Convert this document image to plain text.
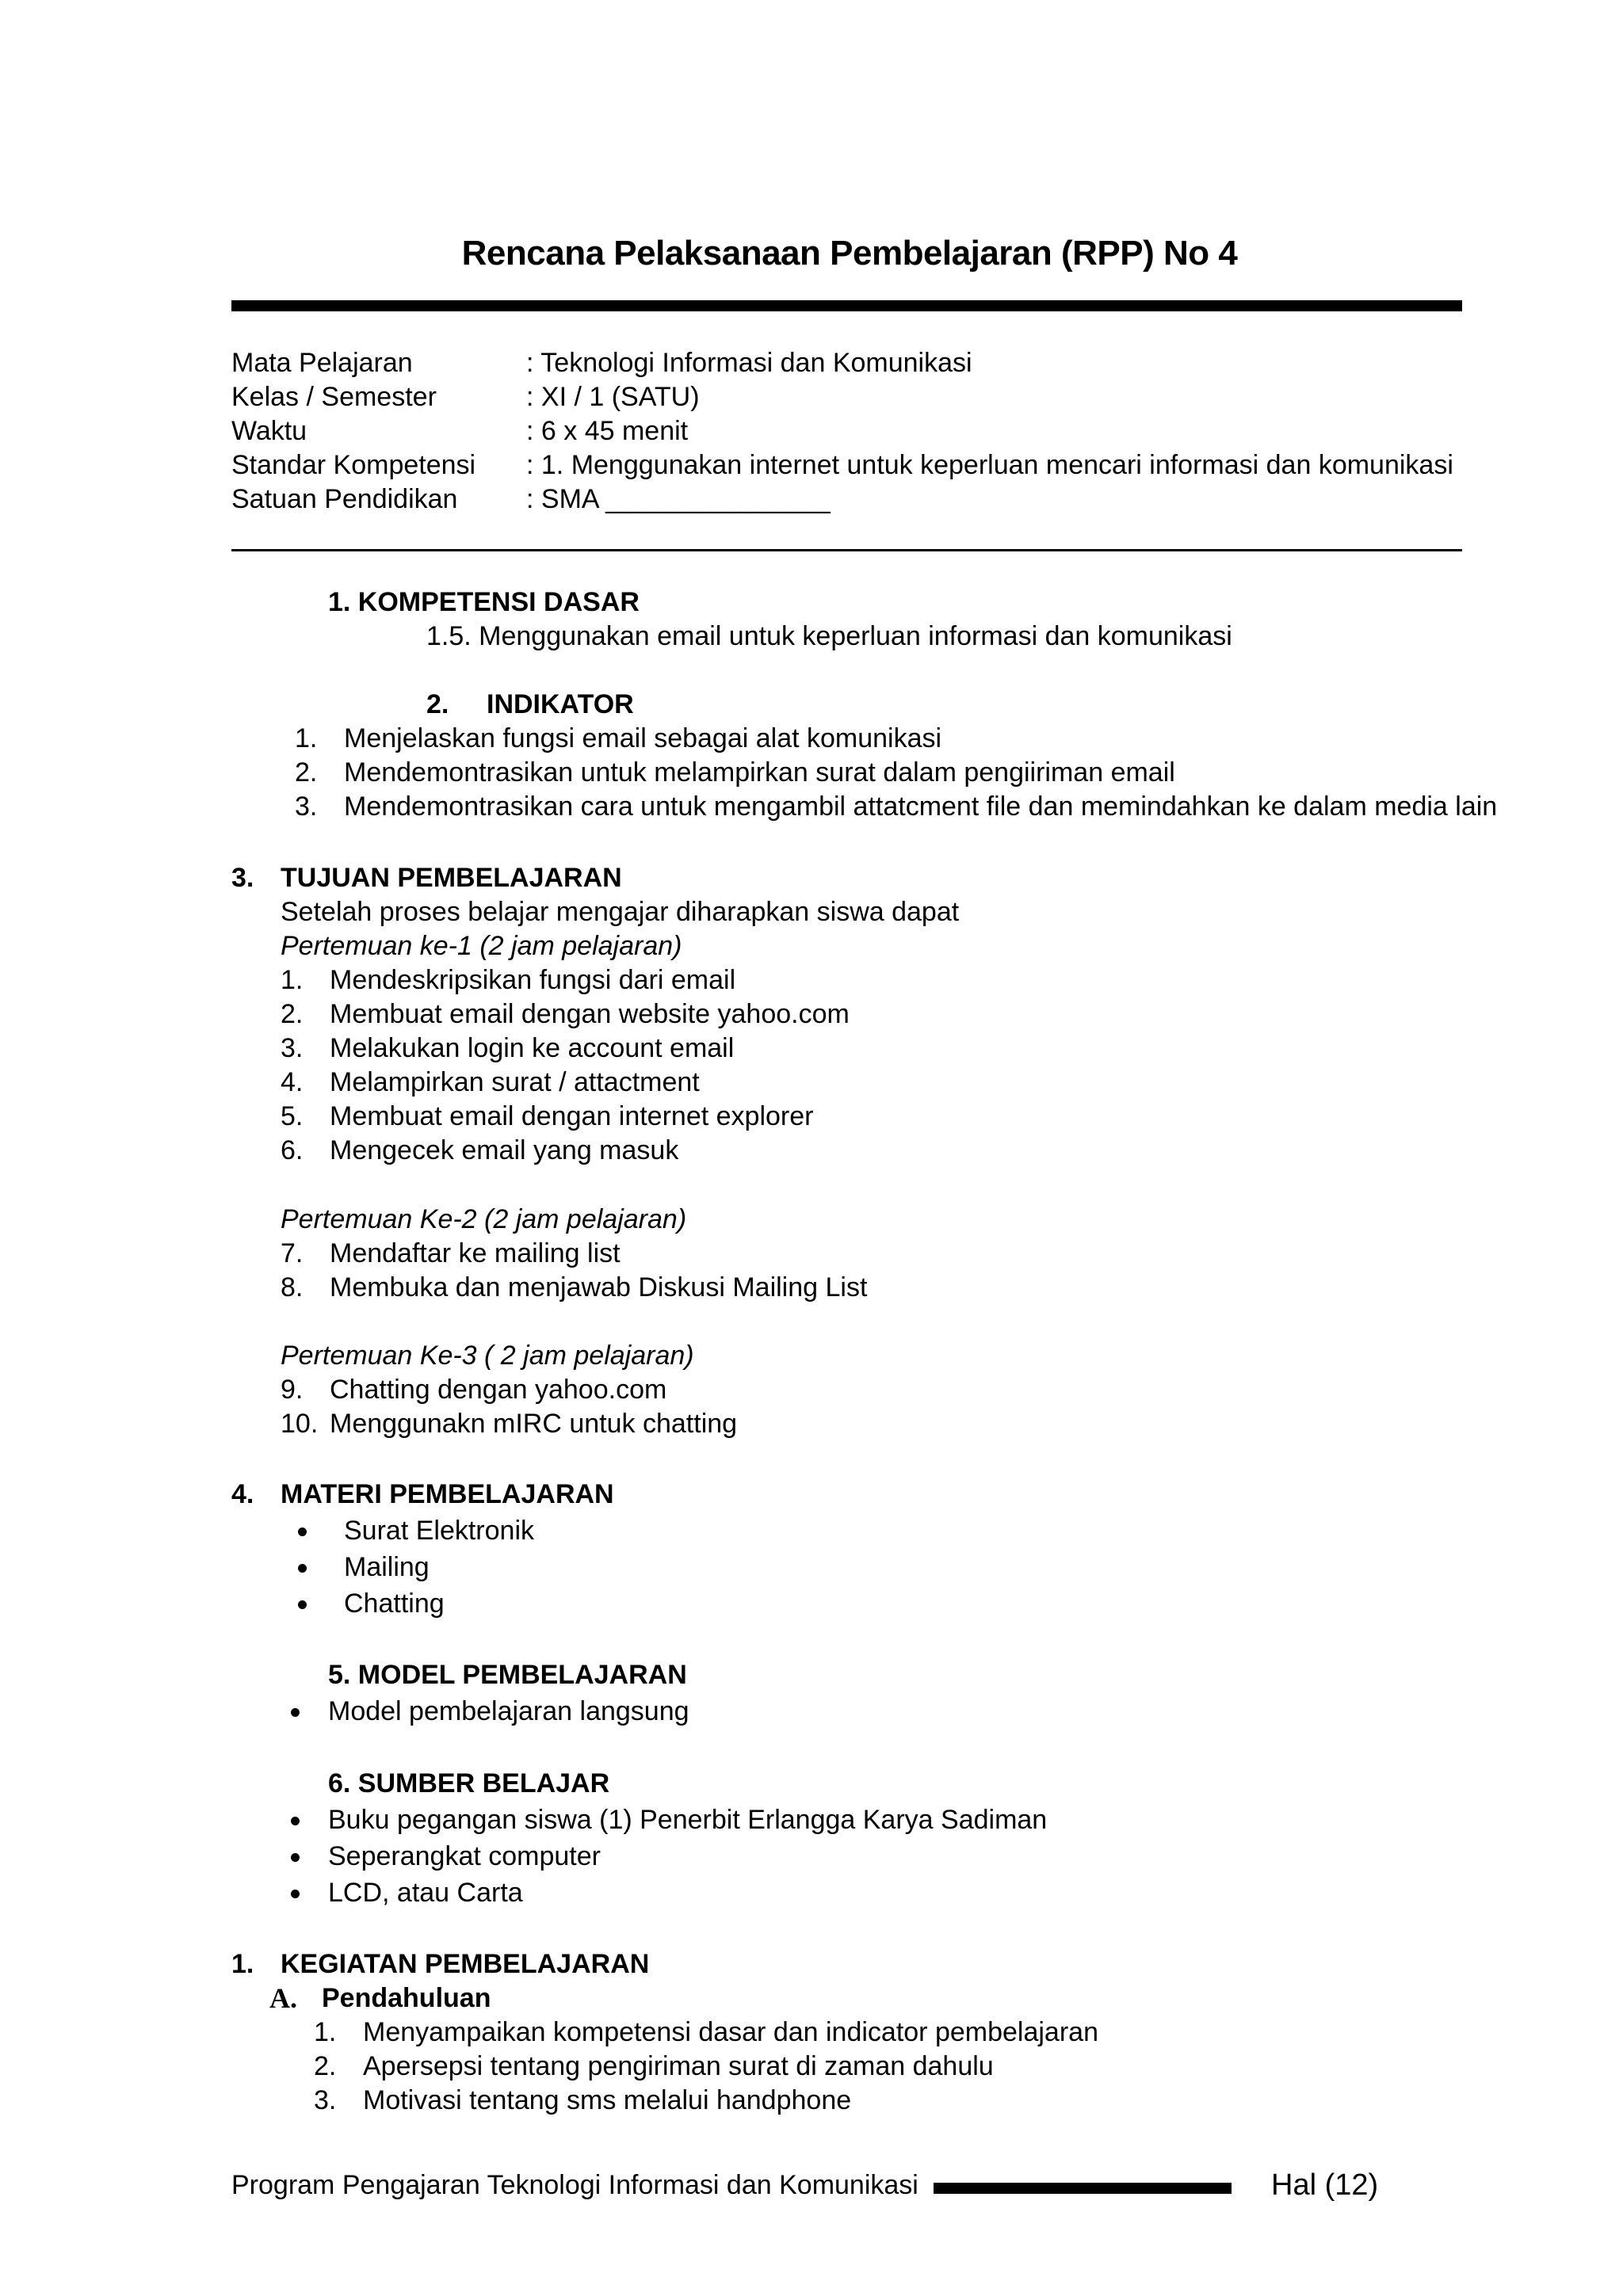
Rencana Pelaksanaan Pembelajaran (RPP) No 4
Mata Pelajaran	: Teknologi Informasi dan Komunikasi
Kelas / Semester	: XI / 1 (SATU)
Waktu	: 6 x 45 menit
Standar Kompetensi : 1. Menggunakan internet untuk keperluan mencari informasi dan komunikasi
Satuan Pendidikan	: SMA _______________
1. KOMPETENSI DASAR
1.5. Menggunakan email untuk keperluan informasi dan komunikasi
2. INDIKATOR
1. Menjelaskan fungsi email sebagai alat komunikasi
2. Mendemontrasikan untuk melampirkan surat dalam pengiiriman email
3. Mendemontrasikan cara untuk mengambil attatcment file dan memindahkan ke dalam media lain
3. TUJUAN PEMBELAJARAN
Setelah proses belajar mengajar diharapkan siswa dapat
Pertemuan ke-1 (2 jam pelajaran)
1. Mendeskripsikan fungsi dari email
2. Membuat email dengan website yahoo.com
3. Melakukan login ke account email
4. Melampirkan surat / attactment
5. Membuat email dengan internet explorer
6. Mengecek email yang masuk
Pertemuan Ke-2 (2 jam pelajaran)
7. Mendaftar ke mailing list
8. Membuka dan menjawab Diskusi Mailing List
Pertemuan Ke-3 ( 2 jam pelajaran)
9. Chatting dengan yahoo.com
10. Menggunakn mIRC untuk chatting
4. MATERI PEMBELAJARAN
Surat Elektronik
Mailing
Chatting
5. MODEL PEMBELAJARAN
Model pembelajaran langsung
6. SUMBER BELAJAR
Buku pegangan siswa (1) Penerbit Erlangga Karya Sadiman
Seperangkat computer
LCD, atau Carta
1. KEGIATAN PEMBELAJARAN
A. Pendahuluan
1. Menyampaikan kompetensi dasar dan indicator pembelajaran
2. Apersepsi tentang pengiriman surat di zaman dahulu
3. Motivasi tentang sms melalui handphone
Program Pengajaran Teknologi Informasi dan Komunikasi	Hal (12)
